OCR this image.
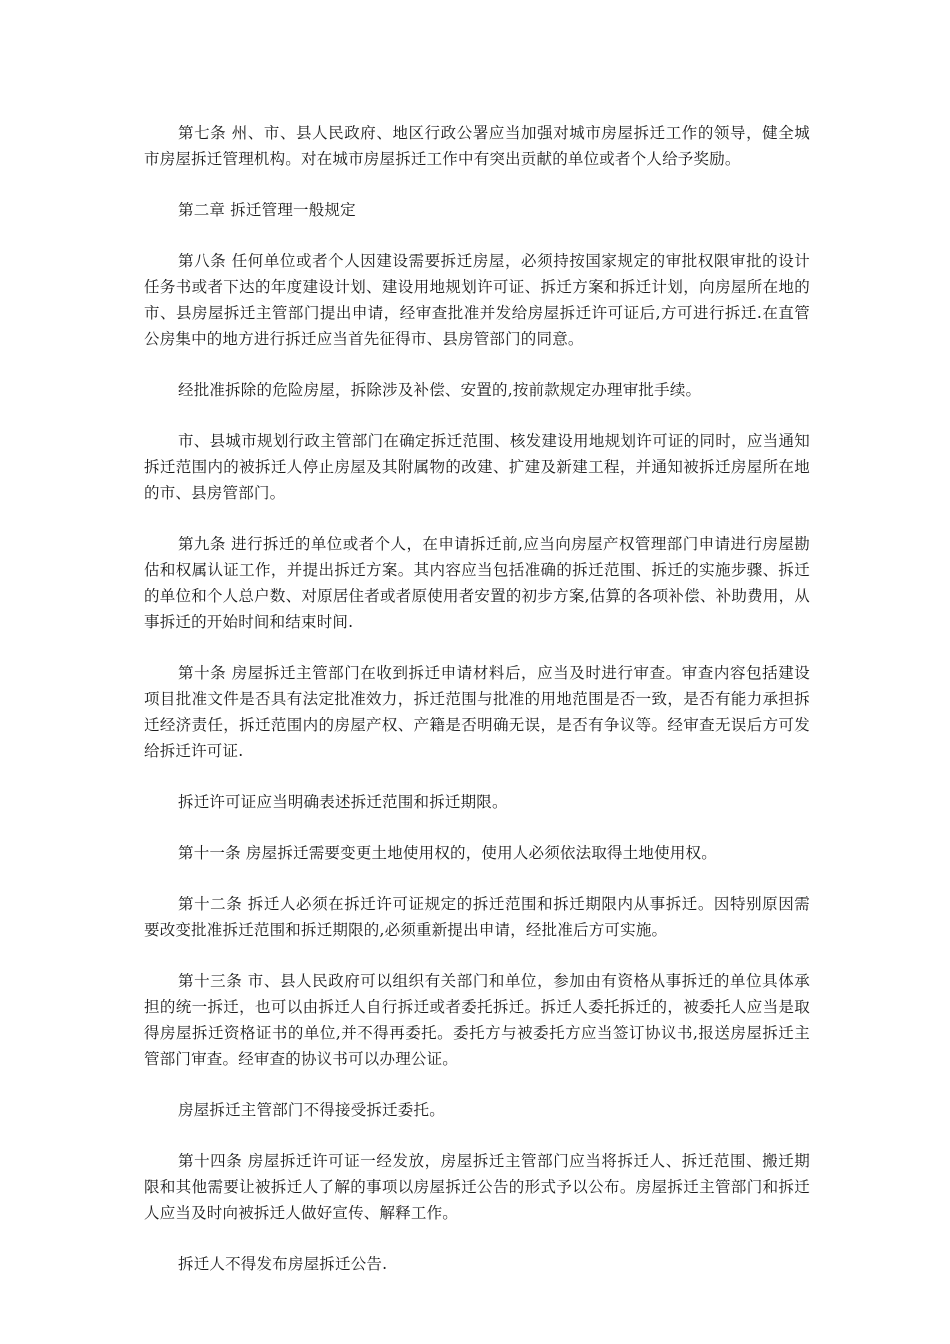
第七条 州、市、县人民政府、地区行政公署应当加强对城市房屋拆迁工作的领导，健全城市房屋拆迁管理机构。对在城市房屋拆迁工作中有突出贡献的单位或者个人给予奖励。

第二章 拆迁管理一般规定

第八条 任何单位或者个人因建设需要拆迁房屋，必须持按国家规定的审批权限审批的设计任务书或者下达的年度建设计划、建设用地规划许可证、拆迁方案和拆迁计划，向房屋所在地的市、县房屋拆迁主管部门提出申请，经审查批准并发给房屋拆迁许可证后,方可进行拆迁.在直管公房集中的地方进行拆迁应当首先征得市、县房管部门的同意。

经批准拆除的危险房屋，拆除涉及补偿、安置的,按前款规定办理审批手续。

市、县城市规划行政主管部门在确定拆迁范围、核发建设用地规划许可证的同时，应当通知拆迁范围内的被拆迁人停止房屋及其附属物的改建、扩建及新建工程，并通知被拆迁房屋所在地的市、县房管部门。

第九条 进行拆迁的单位或者个人，在申请拆迁前,应当向房屋产权管理部门申请进行房屋勘估和权属认证工作，并提出拆迁方案。其内容应当包括准确的拆迁范围、拆迁的实施步骤、拆迁的单位和个人总户数、对原居住者或者原使用者安置的初步方案,估算的各项补偿、补助费用，从事拆迁的开始时间和结束时间.

第十条 房屋拆迁主管部门在收到拆迁申请材料后，应当及时进行审查。审查内容包括建设项目批准文件是否具有法定批准效力，拆迁范围与批准的用地范围是否一致，是否有能力承担拆迁经济责任，拆迁范围内的房屋产权、产籍是否明确无误，是否有争议等。经审查无误后方可发给拆迁许可证.

拆迁许可证应当明确表述拆迁范围和拆迁期限。

第十一条 房屋拆迁需要变更土地使用权的，使用人必须依法取得土地使用权。

第十二条 拆迁人必须在拆迁许可证规定的拆迁范围和拆迁期限内从事拆迁。因特别原因需要改变批准拆迁范围和拆迁期限的,必须重新提出申请，经批准后方可实施。

第十三条 市、县人民政府可以组织有关部门和单位，参加由有资格从事拆迁的单位具体承担的统一拆迁，也可以由拆迁人自行拆迁或者委托拆迁。拆迁人委托拆迁的，被委托人应当是取得房屋拆迁资格证书的单位,并不得再委托。委托方与被委托方应当签订协议书,报送房屋拆迁主管部门审查。经审查的协议书可以办理公证。

房屋拆迁主管部门不得接受拆迁委托。

第十四条 房屋拆迁许可证一经发放，房屋拆迁主管部门应当将拆迁人、拆迁范围、搬迁期限和其他需要让被拆迁人了解的事项以房屋拆迁公告的形式予以公布。房屋拆迁主管部门和拆迁人应当及时向被拆迁人做好宣传、解释工作。

拆迁人不得发布房屋拆迁公告.
